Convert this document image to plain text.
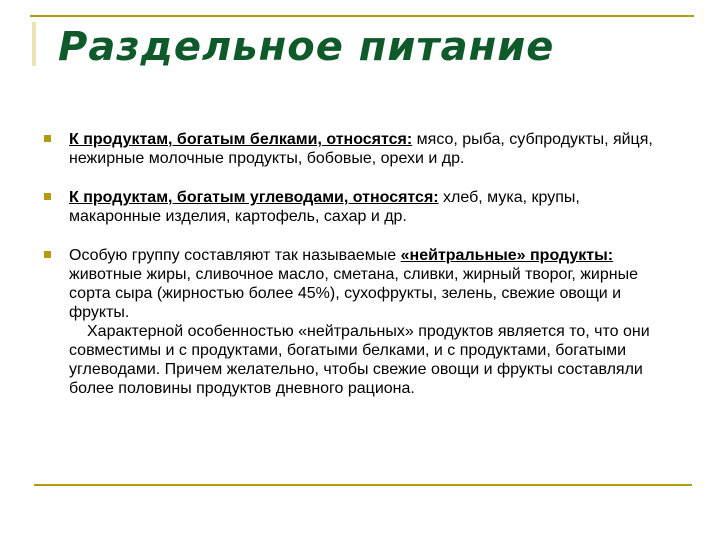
Раздельное питание
К продуктам, богатым белками, относятся: мясо, рыба, субпродукты, яйця, нежирные молочные продукты, бобовые, орехи и др.
К продуктам, богатым углеводами, относятся: хлеб, мука, крупы, макаронные изделия, картофель, сахар и др.
Особую группу составляют так называемые «нейтральные» продукты: животные жиры, сливочное масло, сметана, сливки, жирный творог, жирные сорта сыра (жирностью более 45%), сухофрукты, зелень, свежие овощи и фрукты.
Характерной особенностью «нейтральных» продуктов является то, что они совместимы и с продуктами, богатыми белками, и с продуктами, богатыми углеводами. Причем желательно, чтобы свежие овощи и фрукты составляли более половины продуктов дневного рациона.
